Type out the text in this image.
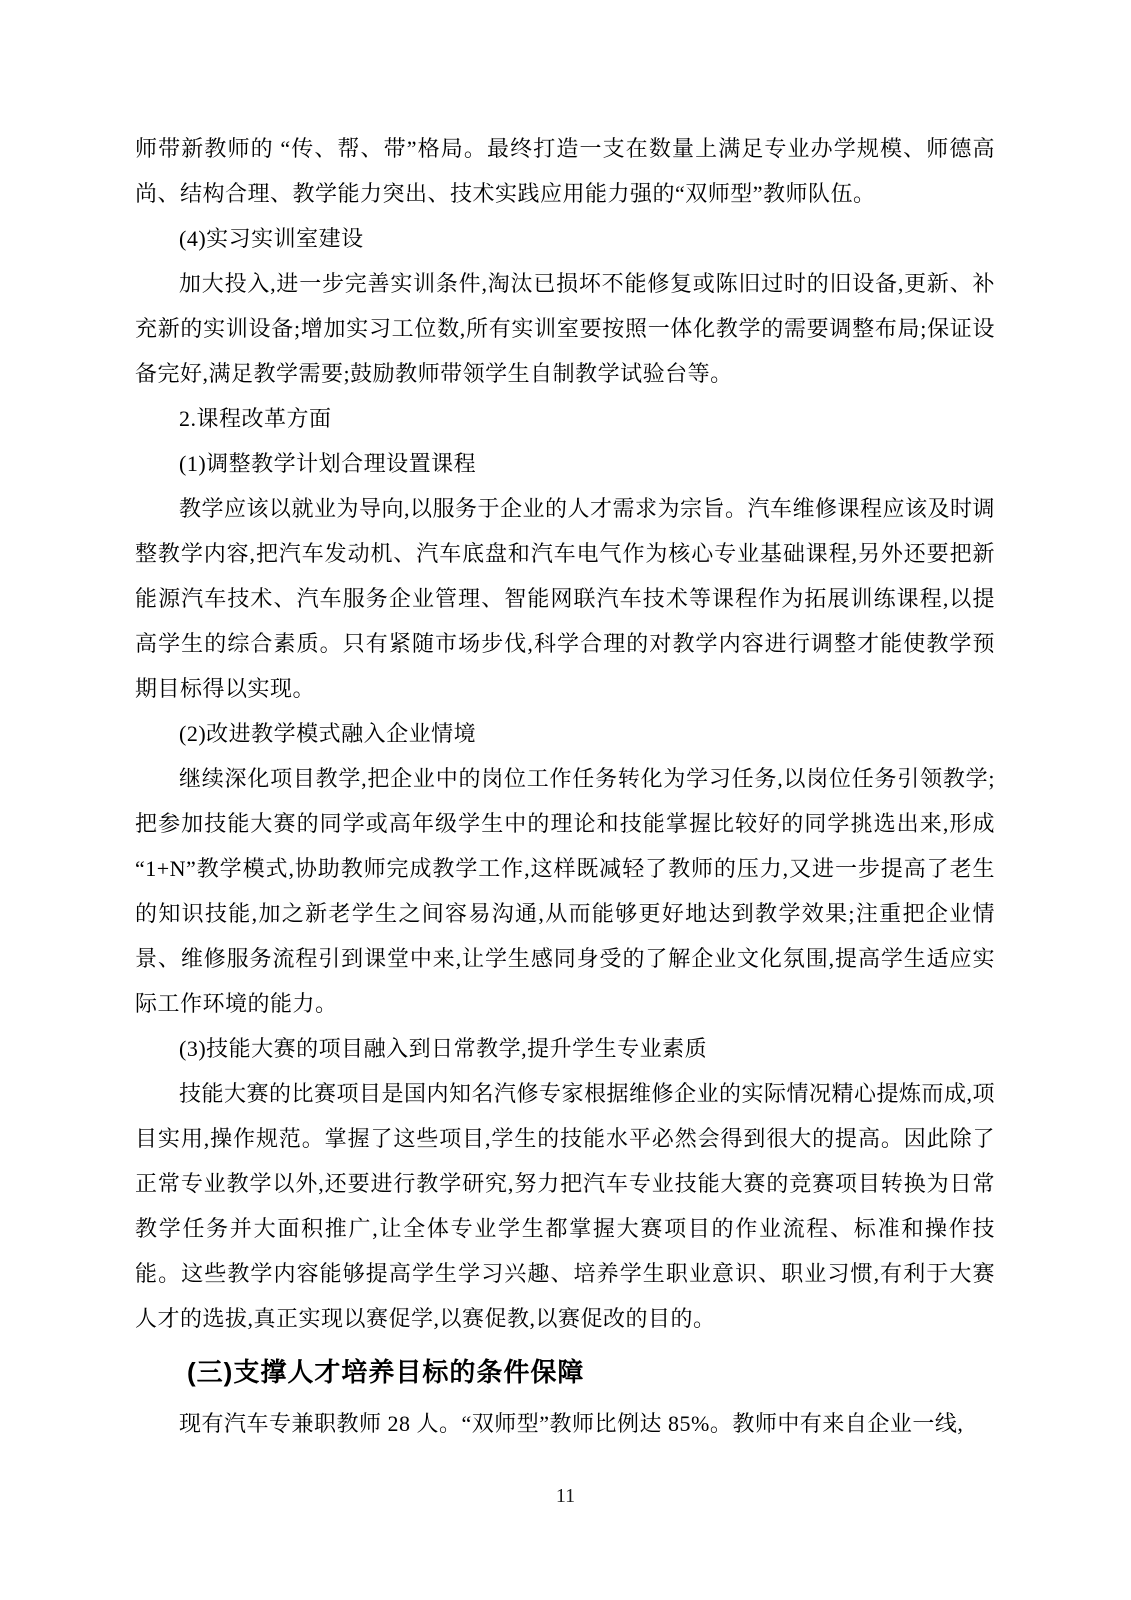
师带新教师的 “传、帮、带”格局。最终打造一支在数量上满足专业办学规模、师德高尚、结构合理、教学能力突出、技术实践应用能力强的“双师型”教师队伍。

(4)实习实训室建设

加大投入,进一步完善实训条件,淘汰已损坏不能修复或陈旧过时的旧设备,更新、补充新的实训设备;增加实习工位数,所有实训室要按照一体化教学的需要调整布局;保证设备完好,满足教学需要;鼓励教师带领学生自制教学试验台等。

2.课程改革方面

(1)调整教学计划合理设置课程

教学应该以就业为导向,以服务于企业的人才需求为宗旨。汽车维修课程应该及时调整教学内容,把汽车发动机、汽车底盘和汽车电气作为核心专业基础课程,另外还要把新能源汽车技术、汽车服务企业管理、智能网联汽车技术等课程作为拓展训练课程,以提高学生的综合素质。只有紧随市场步伐,科学合理的对教学内容进行调整才能使教学预期目标得以实现。

(2)改进教学模式融入企业情境

继续深化项目教学,把企业中的岗位工作任务转化为学习任务,以岗位任务引领教学;把参加技能大赛的同学或高年级学生中的理论和技能掌握比较好的同学挑选出来,形成“1+N”教学模式,协助教师完成教学工作,这样既减轻了教师的压力,又进一步提高了老生的知识技能,加之新老学生之间容易沟通,从而能够更好地达到教学效果;注重把企业情景、维修服务流程引到课堂中来,让学生感同身受的了解企业文化氛围,提高学生适应实际工作环境的能力。

(3)技能大赛的项目融入到日常教学,提升学生专业素质

技能大赛的比赛项目是国内知名汽修专家根据维修企业的实际情况精心提炼而成,项目实用,操作规范。掌握了这些项目,学生的技能水平必然会得到很大的提高。因此除了正常专业教学以外,还要进行教学研究,努力把汽车专业技能大赛的竞赛项目转换为日常教学任务并大面积推广,让全体专业学生都掌握大赛项目的作业流程、标准和操作技能。这些教学内容能够提高学生学习兴趣、培养学生职业意识、职业习惯,有利于大赛人才的选拔,真正实现以赛促学,以赛促教,以赛促改的目的。

(三)支撑人才培养目标的条件保障

现有汽车专兼职教师 28 人。“双师型”教师比例达 85%。教师中有来自企业一线,

11
